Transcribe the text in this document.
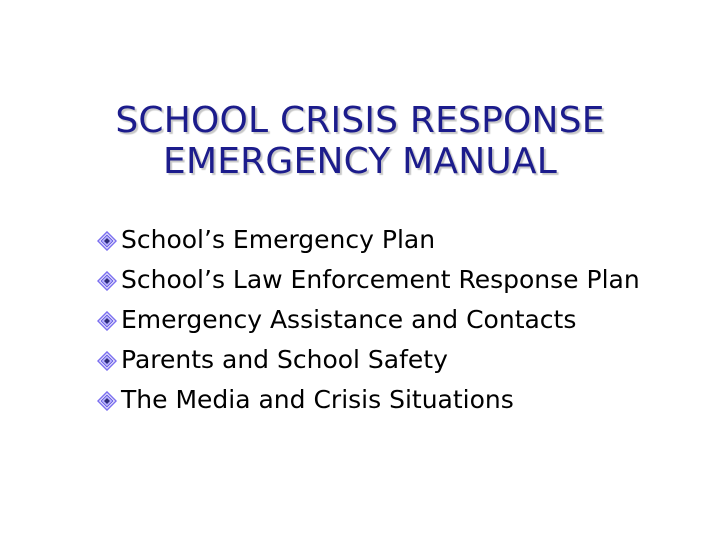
SCHOOL CRISIS RESPONSE
EMERGENCY MANUAL
School’s Emergency Plan
School’s Law Enforcement Response Plan
Emergency Assistance and Contacts
Parents and School Safety
The Media and Crisis Situations
